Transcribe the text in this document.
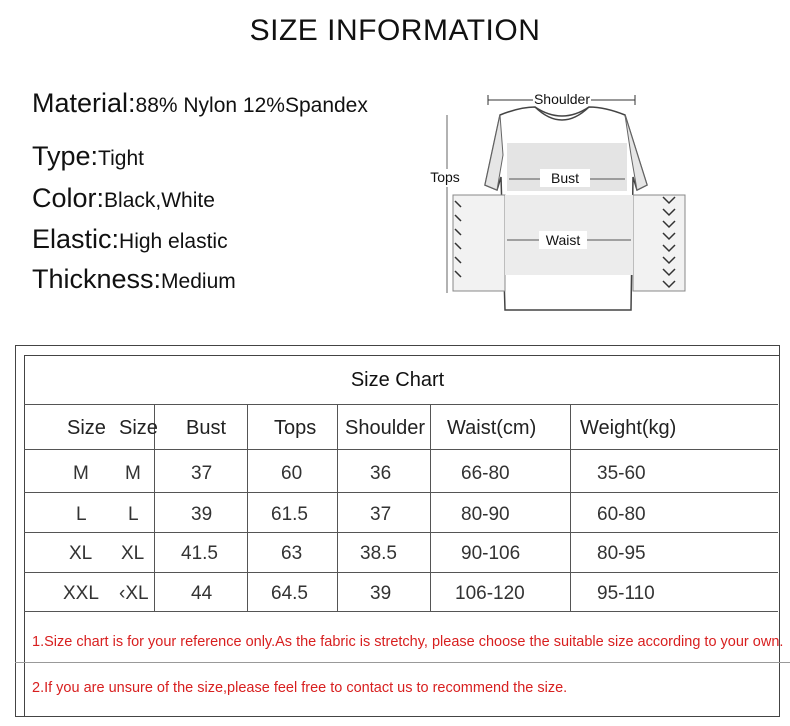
SIZE INFORMATION
Material:88% Nylon 12%Spandex
Type:Tight
Color:Black,White
Elastic:High elastic
Thickness:Medium
Shoulder
Tops	Bust
Waist
Size Chart
Size Size Bust Tops Shoulder Waist(cm) Weight(kg)
M M	37	60	36	66-80	35-60
L L	39	61.5	37	80-90	60-80
XL XL 41.5	63	38.5	90-106	80-95
XXL ‹XL 44	64.5	39	106-120	95-110
1.Size chart is for your reference only.As the fabric is stretchy, please choose the suitable size according to your own.
2.If you are unsure of the size,please feel free to contact us to recommend the size.
